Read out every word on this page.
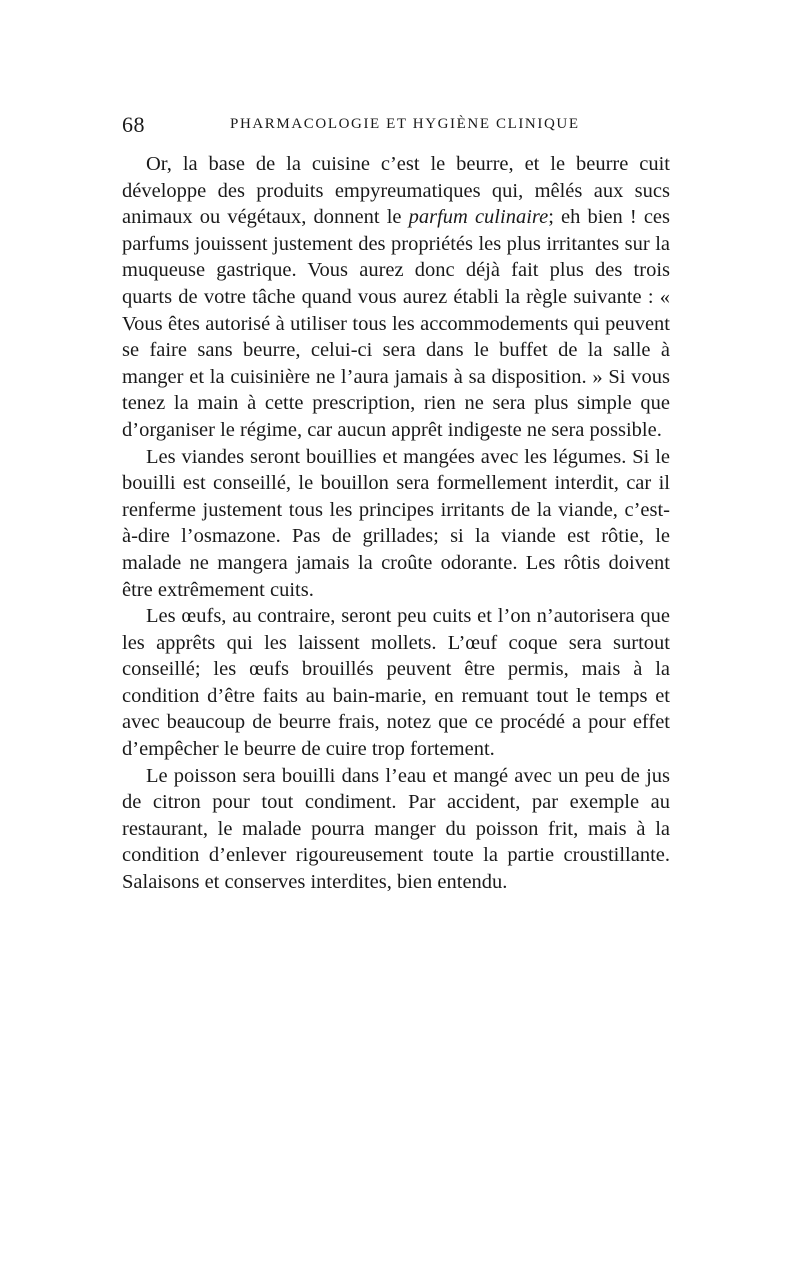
68	PHARMACOLOGIE ET HYGIÈNE CLINIQUE

Or, la base de la cuisine c’est le beurre, et le beurre cuit développe des produits empyreumatiques qui, mêlés aux sucs animaux ou végétaux, donnent le parfum culinaire; eh bien ! ces parfums jouissent justement des propriétés les plus irritantes sur la muqueuse gastrique. Vous aurez donc déjà fait plus des trois quarts de votre tâche quand vous aurez établi la règle suivante : « Vous êtes autorisé à utiliser tous les accommodements qui peuvent se faire sans beurre, celui-ci sera dans le buffet de la salle à manger et la cuisinière ne l’aura jamais à sa disposition. » Si vous tenez la main à cette prescription, rien ne sera plus simple que d’organiser le régime, car aucun apprêt indigeste ne sera possible.

Les viandes seront bouillies et mangées avec les légumes. Si le bouilli est conseillé, le bouillon sera formellement interdit, car il renferme justement tous les principes irritants de la viande, c’est-à-dire l’osmazone. Pas de grillades; si la viande est rôtie, le malade ne mangera jamais la croûte odorante. Les rôtis doivent être extrêmement cuits.

Les œufs, au contraire, seront peu cuits et l’on n’autorisera que les apprêts qui les laissent mollets. L’œuf coque sera surtout conseillé; les œufs brouillés peuvent être permis, mais à la condition d’être faits au bain-marie, en remuant tout le temps et avec beaucoup de beurre frais, notez que ce procédé a pour effet d’empêcher le beurre de cuire trop fortement.

Le poisson sera bouilli dans l’eau et mangé avec un peu de jus de citron pour tout condiment. Par accident, par exemple au restaurant, le malade pourra manger du poisson frit, mais à la condition d’enlever rigoureusement toute la partie croustillante. Salaisons et conserves interdites, bien entendu.
